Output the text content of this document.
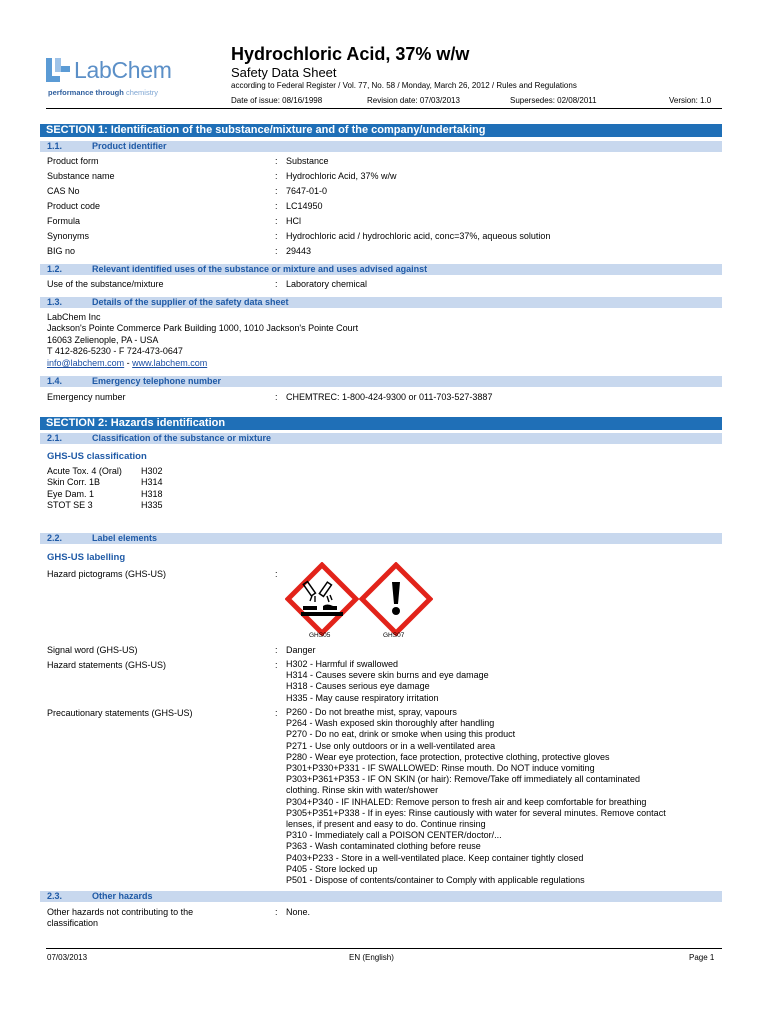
LabChem
performance through chemistry
Hydrochloric Acid, 37% w/w
Safety Data Sheet
according to Federal Register / Vol. 77, No. 58 / Monday, March 26, 2012 / Rules and Regulations
Date of issue: 08/16/1998	Revision date: 07/03/2013	Supersedes: 02/08/2011	Version: 1.0
SECTION 1: Identification of the substance/mixture and of the company/undertaking
1.1.	Product identifier
Product form	: Substance
Substance name	: Hydrochloric Acid, 37% w/w
CAS No	: 7647-01-0
Product code	: LC14950
Formula	: HCl
Synonyms	: Hydrochloric acid / hydrochloric acid, conc=37%, aqueous solution
BIG no	: 29443
1.2.	Relevant identified uses of the substance or mixture and uses advised against
Use of the substance/mixture	: Laboratory chemical
1.3.	Details of the supplier of the safety data sheet
LabChem Inc
Jackson's Pointe Commerce Park Building 1000, 1010 Jackson's Pointe Court
16063 Zelienople, PA - USA
T 412-826-5230 - F 724-473-0647
info@labchem.com - www.labchem.com
1.4.	Emergency telephone number
Emergency number	: CHEMTREC: 1-800-424-9300 or 011-703-527-3887
SECTION 2: Hazards identification
2.1.	Classification of the substance or mixture
GHS-US classification
Acute Tox. 4 (Oral) H302
Skin Corr. 1B	H314
Eye Dam. 1	H318
STOT SE 3	H335
2.2.	Label elements
GHS-US labelling
Hazard pictograms (GHS-US)	:
GHS05	GHS07
Signal word (GHS-US)	: Danger
Hazard statements (GHS-US)	: H302 - Harmful if swallowed
H314 - Causes severe skin burns and eye damage
H318 - Causes serious eye damage
H335 - May cause respiratory irritation
Precautionary statements (GHS-US)	: P260 - Do not breathe mist, spray, vapours
P264 - Wash exposed skin thoroughly after handling
P270 - Do no eat, drink or smoke when using this product
P271 - Use only outdoors or in a well-ventilated area
P280 - Wear eye protection, face protection, protective clothing, protective gloves
P301+P330+P331 - IF SWALLOWED: Rinse mouth. Do NOT induce vomiting
P303+P361+P353 - IF ON SKIN (or hair): Remove/Take off immediately all contaminated
clothing. Rinse skin with water/shower
P304+P340 - IF INHALED: Remove person to fresh air and keep comfortable for breathing
P305+P351+P338 - If in eyes: Rinse cautiously with water for several minutes. Remove contact
lenses, if present and easy to do. Continue rinsing
P310 - Immediately call a POISON CENTER/doctor/...
P363 - Wash contaminated clothing before reuse
P403+P233 - Store in a well-ventilated place. Keep container tightly closed
P405 - Store locked up
P501 - Dispose of contents/container to Comply with applicable regulations
2.3.	Other hazards
Other hazards not contributing to the
classification
: None.
07/03/2013	EN (English)	Page 1
